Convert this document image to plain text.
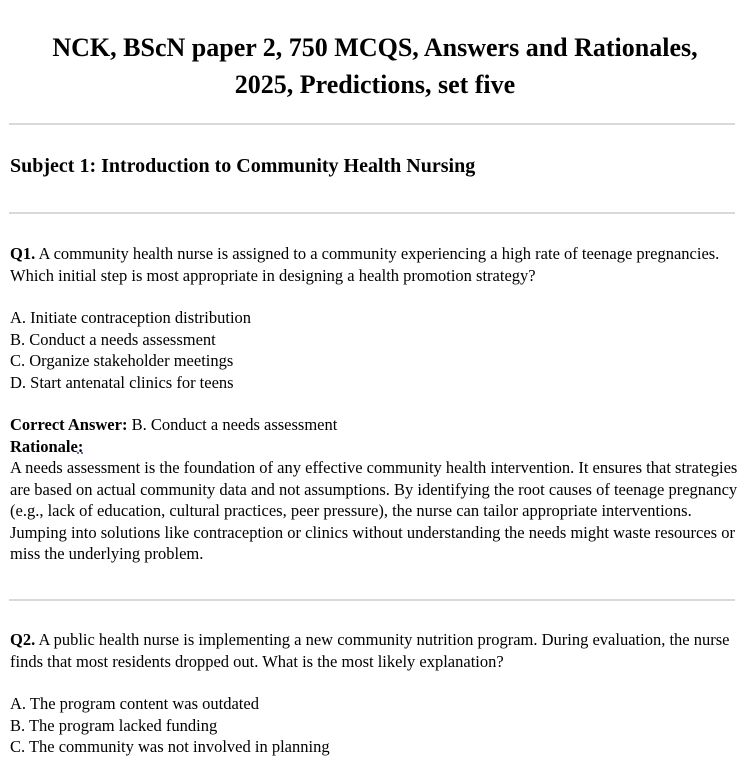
NCK, BScN paper 2, 750 MCQS, Answers and Rationales,
2025, Predictions, set five
Subject 1: Introduction to Community Health Nursing
Q1. A community health nurse is assigned to a community experiencing a high rate of teenage pregnancies. Which initial step is most appropriate in designing a health promotion strategy?
A. Initiate contraception distribution
B. Conduct a needs assessment
C. Organize stakeholder meetings
D. Start antenatal clinics for teens
Correct Answer: B. Conduct a needs assessment
Rationale:
A needs assessment is the foundation of any effective community health intervention. It ensures that strategies are based on actual community data and not assumptions. By identifying the root causes of teenage pregnancy (e.g., lack of education, cultural practices, peer pressure), the nurse can tailor appropriate interventions. Jumping into solutions like contraception or clinics without understanding the needs might waste resources or miss the underlying problem.
Q2. A public health nurse is implementing a new community nutrition program. During evaluation, the nurse finds that most residents dropped out. What is the most likely explanation?
A. The program content was outdated
B. The program lacked funding
C. The community was not involved in planning
